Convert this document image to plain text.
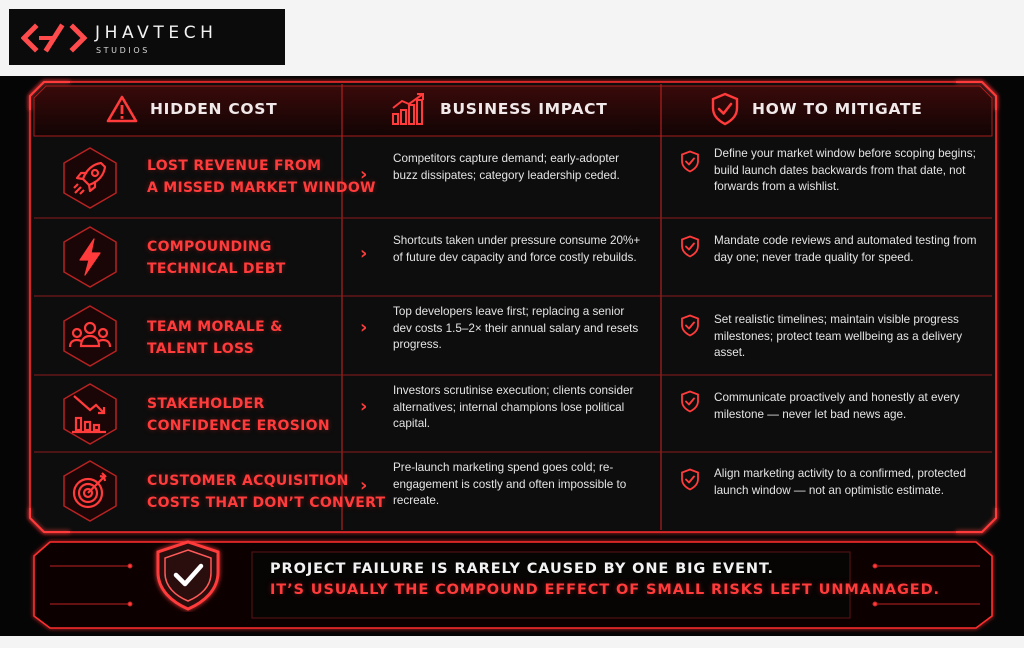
JHAVTECH
STUDIOS
HIDDEN COST	BUSINESS IMPACT	HOW TO MITIGATE
LOST REVENUE FROM
A MISSED MARKET WINDOW
›
Competitors capture demand; early-adopter buzz dissipates; category leadership ceded.
Define your market window before scoping begins; build launch dates backwards from that date, not forwards from a wishlist.
COMPOUNDING
TECHNICAL DEBT
›
Shortcuts taken under pressure consume 20%+ of future dev capacity and force costly rebuilds.
Mandate code reviews and automated testing from day one; never trade quality for speed.
TEAM MORALE &
TALENT LOSS
›
Top developers leave first; replacing a senior dev costs 1.5–2× their annual salary and resets progress.
Set realistic timelines; maintain visible progress milestones; protect team wellbeing as a delivery asset.
STAKEHOLDER
CONFIDENCE EROSION
›
Investors scrutinise execution; clients consider alternatives; internal champions lose political capital.
Communicate proactively and honestly at every milestone — never let bad news age.
CUSTOMER ACQUISITION
COSTS THAT DON’T CONVERT
›
Pre-launch marketing spend goes cold; re-engagement is costly and often impossible to recreate.
Align marketing activity to a confirmed, protected launch window — not an optimistic estimate.
PROJECT FAILURE IS RARELY CAUSED BY ONE BIG EVENT.
IT’S USUALLY THE COMPOUND EFFECT OF SMALL RISKS LEFT UNMANAGED.
